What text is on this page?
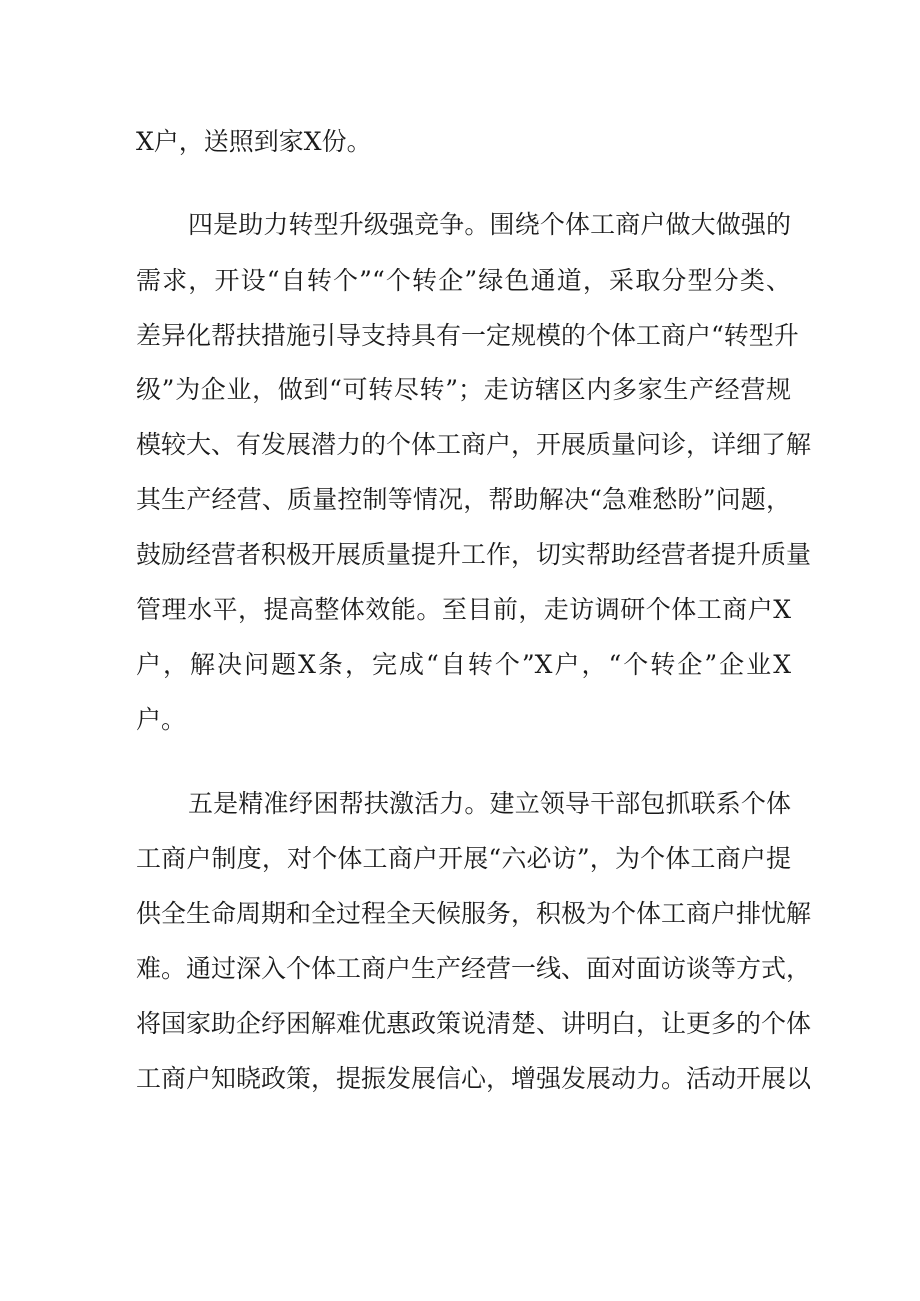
X户，送照到家X份。
四是助力转型升级强竞争。围绕个体工商户做大做强的
需求，开设“自转个”“个转企”绿色通道，采取分型分类、
差异化帮扶措施引导支持具有一定规模的个体工商户“转型升
级”为企业，做到“可转尽转”；走访辖区内多家生产经营规
模较大、有发展潜力的个体工商户，开展质量问诊，详细了解
其生产经营、质量控制等情况，帮助解决“急难愁盼”问题，
鼓励经营者积极开展质量提升工作，切实帮助经营者提升质量
管理水平，提高整体效能。至目前，走访调研个体工商户X
户，解决问题X条，完成“自转个”X户，“个转企”企业X
户。
五是精准纾困帮扶激活力。建立领导干部包抓联系个体
工商户制度，对个体工商户开展“六必访”，为个体工商户提
供全生命周期和全过程全天候服务，积极为个体工商户排忧解
难。通过深入个体工商户生产经营一线、面对面访谈等方式，
将国家助企纾困解难优惠政策说清楚、讲明白，让更多的个体
工商户知晓政策，提振发展信心，增强发展动力。活动开展以
